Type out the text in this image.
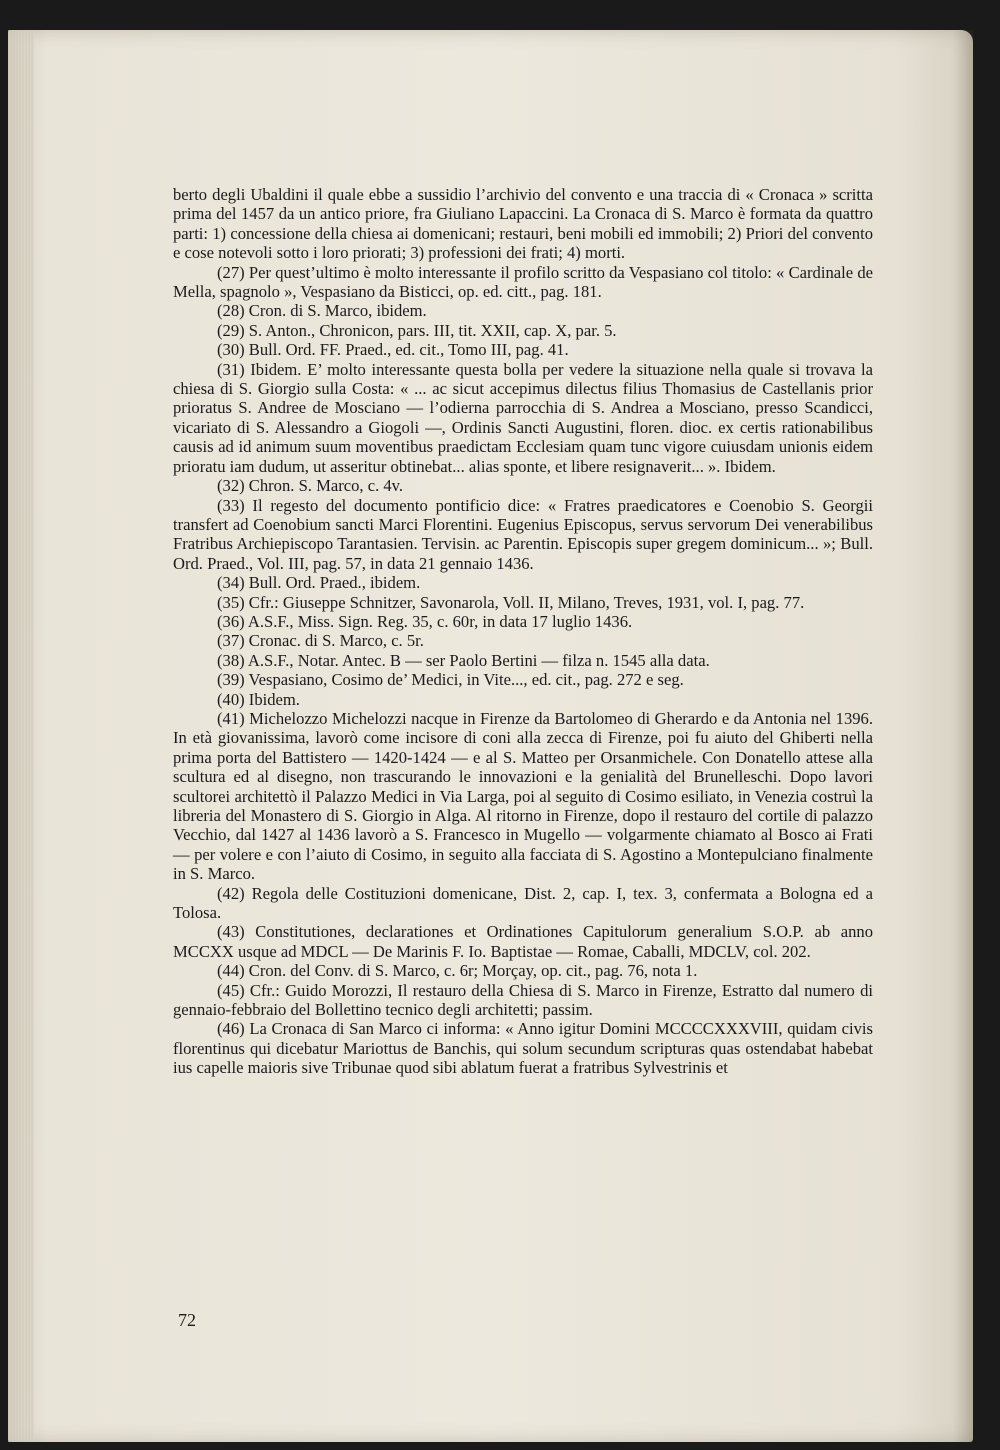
berto degli Ubaldini il quale ebbe a sussidio l’archivio del convento e una traccia di « Cronaca » scritta prima del 1457 da un antico priore, fra Giuliano Lapaccini. La Cronaca di S. Marco è formata da quattro parti: 1) concessione della chiesa ai domenicani; restauri, beni mobili ed immobili; 2) Priori del convento e cose notevoli sotto i loro priorati; 3) professioni dei frati; 4) morti.

(27) Per quest’ultimo è molto interessante il profilo scritto da Vespasiano col titolo: « Cardinale de Mella, spagnolo », Vespasiano da Bisticci, op. ed. citt., pag. 181.

(28) Cron. di S. Marco, ibidem.

(29) S. Anton., Chronicon, pars. III, tit. XXII, cap. X, par. 5.

(30) Bull. Ord. FF. Praed., ed. cit., Tomo III, pag. 41.

(31) Ibidem. E’ molto interessante questa bolla per vedere la situazione nella quale si trovava la chiesa di S. Giorgio sulla Costa: « ... ac sicut accepimus dilectus filius Thomasius de Castellanis prior prioratus S. Andree de Mosciano — l’odierna parrocchia di S. Andrea a Mosciano, presso Scandicci, vicariato di S. Alessandro a Giogoli —, Ordinis Sancti Augustini, floren. dioc. ex certis rationabilibus causis ad id animum suum moventibus praedictam Ecclesiam quam tunc vigore cuiusdam unionis eidem prioratu iam dudum, ut asseritur obtinebat... alias sponte, et libere resignaverit... ». Ibidem.

(32) Chron. S. Marco, c. 4v.

(33) Il regesto del documento pontificio dice: « Fratres praedicatores e Coenobio S. Georgii transfert ad Coenobium sancti Marci Florentini. Eugenius Episcopus, servus servorum Dei venerabilibus Fratribus Archiepiscopo Tarantasien. Tervisin. ac Parentin. Episcopis super gregem dominicum... »; Bull. Ord. Praed., Vol. III, pag. 57, in data 21 gennaio 1436.

(34) Bull. Ord. Praed., ibidem.

(35) Cfr.: Giuseppe Schnitzer, Savonarola, Voll. II, Milano, Treves, 1931, vol. I, pag. 77.

(36) A.S.F., Miss. Sign. Reg. 35, c. 60r, in data 17 luglio 1436.

(37) Cronac. di S. Marco, c. 5r.

(38) A.S.F., Notar. Antec. B — ser Paolo Bertini — filza n. 1545 alla data.

(39) Vespasiano, Cosimo de’ Medici, in Vite..., ed. cit., pag. 272 e seg.

(40) Ibidem.

(41) Michelozzo Michelozzi nacque in Firenze da Bartolomeo di Gherardo e da Antonia nel 1396. In età giovanissima, lavorò come incisore di coni alla zecca di Firenze, poi fu aiuto del Ghiberti nella prima porta del Battistero — 1420-1424 — e al S. Matteo per Orsanmichele. Con Donatello attese alla scultura ed al disegno, non trascurando le innovazioni e la genialità del Brunelleschi. Dopo lavori scultorei architettò il Palazzo Medici in Via Larga, poi al seguito di Cosimo esiliato, in Venezia costruì la libreria del Monastero di S. Giorgio in Alga. Al ritorno in Firenze, dopo il restauro del cortile di palazzo Vecchio, dal 1427 al 1436 lavorò a S. Francesco in Mugello — volgarmente chiamato al Bosco ai Frati — per volere e con l’aiuto di Cosimo, in seguito alla facciata di S. Agostino a Montepulciano finalmente in S. Marco.

(42) Regola delle Costituzioni domenicane, Dist. 2, cap. I, tex. 3, confermata a Bologna ed a Tolosa.

(43) Constitutiones, declarationes et Ordinationes Capitulorum generalium S.O.P. ab anno MCCXX usque ad MDCL — De Marinis F. Io. Baptistae — Romae, Caballi, MDCLV, col. 202.

(44) Cron. del Conv. di S. Marco, c. 6r; Morçay, op. cit., pag. 76, nota 1.

(45) Cfr.: Guido Morozzi, Il restauro della Chiesa di S. Marco in Firenze, Estratto dal numero di gennaio-febbraio del Bollettino tecnico degli architetti; passim.

(46) La Cronaca di San Marco ci informa: « Anno igitur Domini MCCCCXXXVIII, quidam civis florentinus qui dicebatur Mariottus de Banchis, qui solum secundum scripturas quas ostendabat habebat ius capelle maioris sive Tribunae quod sibi ablatum fuerat a fratribus Sylvestrinis et

72
